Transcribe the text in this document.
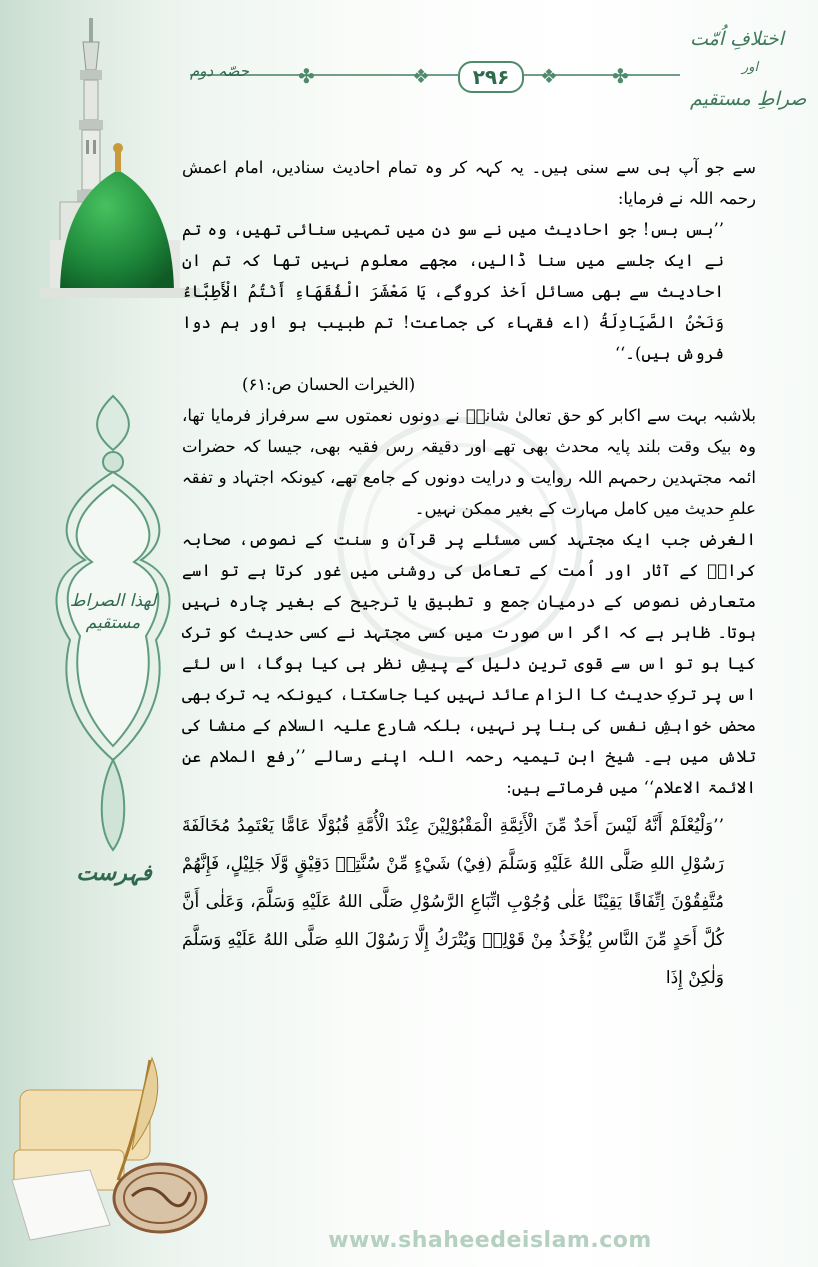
❖	❖
✤	✤
۲۹۶
حصّہ دوم
اختلافِ اُمّت
اور
صراطِ مستقیم
لھذا الصراط مستقیم
فہرست

سے جو آپ ہی سے سنی ہیں۔ یہ کہہ کر وہ تمام احادیث سنادیں، امام اعمش رحمہ اللہ نے فرمایا:

’’بس بس! جو احادیث میں نے سو دن میں تمہیں سنائی تھیں، وہ تم نے ایک جلسے میں سنا ڈالیں، مجھے معلوم نہیں تھا کہ تم ان احادیث سے بھی مسائل اَخذ کروگے، یَا مَعْشَرَ الْفُقَهَاءِ أَنْتُمُ الْأَطِبَّاءُ وَنَحْنُ الصَّيَادِلَةُ (اے فقہاء کی جماعت! تم طبیب ہو اور ہم دوا فروش ہیں)۔‘‘

(الخیرات الحسان ص:۶۱)

بلاشبہ بہت سے اکابر کو حق تعالیٰ شانہٗ نے دونوں نعمتوں سے سرفراز فرمایا تھا، وہ بیک وقت بلند پایہ محدث بھی تھے اور دقیقہ رس فقیہ بھی، جیسا کہ حضرات ائمہ مجتہدین رحمہم اللہ روایت و درایت دونوں کے جامع تھے، کیونکہ اجتہاد و تفقہ علمِ حدیث میں کامل مہارت کے بغیر ممکن نہیں۔

الغرض جب ایک مجتہد کسی مسئلے پر قرآن و سنت کے نصوص، صحابہ کرامؓ کے آثار اور اُمت کے تعامل کی روشنی میں غور کرتا ہے تو اسے متعارض نصوص کے درمیان جمع و تطبیق یا ترجیح کے بغیر چارہ نہیں ہوتا۔ ظاہر ہے کہ اگر اس صورت میں کسی مجتہد نے کسی حدیث کو ترک کیا ہو تو اس سے قوی ترین دلیل کے پیشِ نظر ہی کیا ہوگا، اس لئے اس پر ترکِ حدیث کا الزام عائد نہیں کیا جاسکتا، کیونکہ یہ ترک بھی محض خواہشِ نفس کی بنا پر نہیں، بلکہ شارع علیہ السلام کے منشا کی تلاش میں ہے۔ شیخ ابنِ تیمیہ رحمہ اللہ اپنے رسالے ’’رفع الملام عن الائمۃ الاعلام‘‘ میں فرماتے ہیں:

’’وَلْيُعْلَمْ أَنَّهُ لَيْسَ أَحَدٌ مِّنَ الْأَئِمَّةِ الْمَقْبُوْلِيْنَ عِنْدَ الْأُمَّةِ قُبُوْلًا عَامًّا يَعْتَمِدُ مُخَالَفَةَ رَسُوْلِ اللهِ صَلَّى اللهُ عَلَيْهِ وَسَلَّمَ (فِيْ) شَيْءٍ مِّنْ سُنَّتِهٖ دَقِيْقٍ وَّلَا جَلِيْلٍ، فَإِنَّهُمْ مُتَّفِقُوْنَ اِتِّفَاقًا يَقِيْنًا عَلٰى وُجُوْبِ اتِّبَاعِ الرَّسُوْلِ صَلَّى اللهُ عَلَيْهِ وَسَلَّمَ، وَعَلٰى أَنَّ كُلَّ أَحَدٍ مِّنَ النَّاسِ يُؤْخَذُ مِنْ قَوْلِهٖ وَيُتْرَكُ إِلَّا رَسُوْلَ اللهِ صَلَّى اللهُ عَلَيْهِ وَسَلَّمَ وَلٰكِنْ إِذَا

www.shaheedeislam.com
